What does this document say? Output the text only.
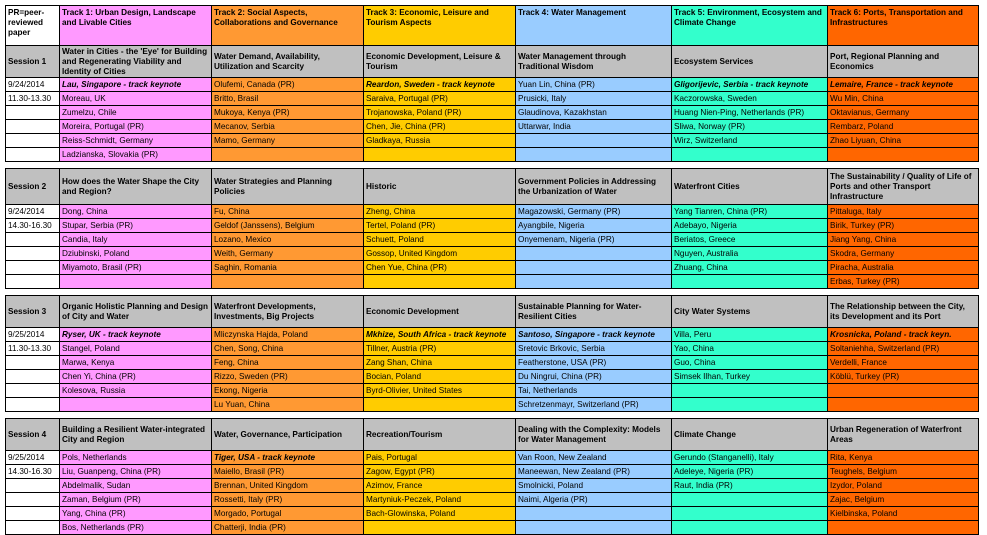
PR=peer-reviewed paper	Track 1: Urban Design, Landscape and Livable Cities	Track 2: Social Aspects, Collaborations and Governance	Track 3: Economic, Leisure and Tourism Aspects	Track 4: Water Management	Track 5: Environment, Ecosystem and Climate Change	Track 6: Ports, Transportation and Infrastructures
Session 1	Water in Cities - the 'Eye' for Building and Regenerating Viability and Identity of Cities	Water Demand, Availability, Utilization and Scarcity	Economic Development, Leisure & Tourism	Water Management through Traditional Wisdom	Ecosystem Services	Port, Regional Planning and Economics
9/24/2014	Lau, Singapore - track keynote	Olufemi, Canada (PR)	Reardon, Sweden - track keynote	Yuan Lin, China (PR)	Gligorijevic, Serbia - track keynote	Lemaire, France - track keynote
11.30-13.30	Moreau, UK	Britto, Brasil	Saraiva, Portugal (PR)	Prusicki, Italy	Kaczorowska, Sweden	Wu Min, China
	Zumelzu, Chile	Mukoya, Kenya (PR)	Trojanowska, Poland (PR)	Glaudinova, Kazakhstan	Huang Nien-Ping, Netherlands (PR)	Oktavianus, Germany
	Moreira, Portugal (PR)	Mecanov, Serbia	Chen, Jie, China (PR)	Uttarwar, India	Sliwa, Norway (PR)	Rembarz, Poland
	Reiss-Schmidt, Germany	Mamo, Germany	Gladkaya, Russia		Wirz, Switzerland	Zhao Liyuan, China
	Ladzianska, Slovakia (PR)					

Session 2	How does the Water Shape the City and Region?	Water Strategies and Planning Policies	Historic	Government Policies in Addressing the Urbanization of Water	Waterfront Cities	The Sustainability / Quality of Life of Ports and other Transport Infrastructure
9/24/2014	Dong, China	Fu, China	Zheng, China	Magazowski, Germany (PR)	Yang Tianren, China (PR)	Pittaluga, Italy
14.30-16.30	Stupar, Serbia (PR)	Geldof (Janssens), Belgium	Tertel, Poland (PR)	Ayangbile, Nigeria	Adebayo, Nigeria	Birik, Turkey (PR)
	Candia, Italy	Lozano, Mexico	Schuett, Poland	Onyemenam, Nigeria (PR)	Beriatos, Greece	Jiang Yang, China
	Dziubinski, Poland	Weith, Germany	Gossop, United Kingdom		Nguyen, Australia	Skodra, Germany
	Miyamoto, Brasil (PR)	Saghin, Romania	Chen Yue, China (PR)		Zhuang, China	Piracha, Australia
						Erbas, Turkey (PR)

Session 3	Organic Holistic Planning and Design of City and Water	Waterfront Developments, Investments, Big Projects	Economic Development	Sustainable Planning for Water-Resilient Cities	City Water Systems	The Relationship between the City, its Development and its Port
9/25/2014	Ryser, UK - track keynote	Mliczynska Hajda, Poland	Mkhize, South Africa - track keynote	Santoso, Singapore - track keynote	Villa, Peru	Krosnicka, Poland - track keyn.
11.30-13.30	Stangel, Poland	Chen, Song, China	Tillner, Austria (PR)	Sretovic Brkovic, Serbia	Yao, China	Soltaniehha, Switzerland (PR)
	Marwa, Kenya	Feng, China	Zang Shan, China	Featherstone, USA (PR)	Guo, China	Verdelli, France
	Chen Yi, China (PR)	Rizzo, Sweden (PR)	Bocian, Poland	Du Ningrui, China (PR)	Simsek Ilhan, Turkey	Köblü, Turkey (PR)
	Kolesova, Russia	Ekong, Nigeria	Byrd-Olivier, United States	Tai, Netherlands		
		Lu Yuan, China		Schretzenmayr, Switzerland (PR)		

Session 4	Building a Resilient Water-integrated City and Region	Water, Governance, Participation	Recreation/Tourism	Dealing with the Complexity: Models for Water Management	Climate Change	Urban Regeneration of Waterfront Areas
9/25/2014	Pols, Netherlands	Tiger, USA - track keynote	Pais, Portugal	Van Roon, New Zealand	Gerundo (Stanganelli), Italy	Rita, Kenya
14.30-16.30	Liu, Guanpeng, China (PR)	Maiello, Brasil (PR)	Zagow, Egypt (PR)	Maneewan, New Zealand (PR)	Adeleye, Nigeria (PR)	Teughels, Belgium
	Abdelmalik, Sudan	Brennan, United Kingdom	Azimov, France	Smolnicki, Poland	Raut, India (PR)	Izydor, Poland
	Zaman, Belgium (PR)	Rossetti, Italy (PR)	Martyniuk-Peczek, Poland	Naimi, Algeria (PR)		Zajac, Belgium
	Yang, China (PR)	Morgado, Portugal	Bach-Glowinska, Poland			Kielbinska, Poland
	Bos, Netherlands (PR)	Chatterji, India (PR)				
